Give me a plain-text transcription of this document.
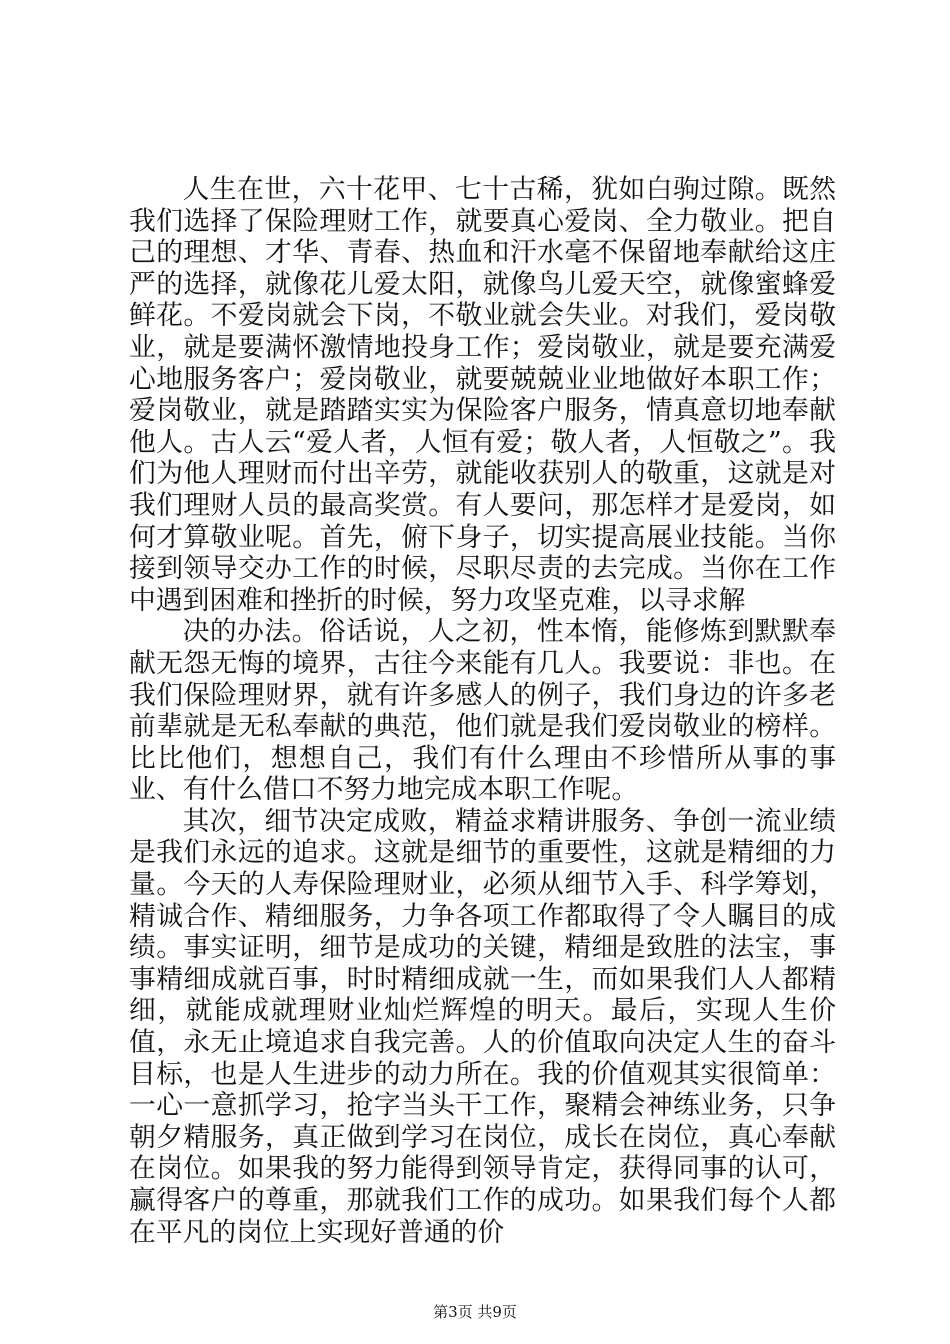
人生在世，六十花甲、七十古稀，犹如白驹过隙。既然我们选择了保险理财工作，就要真心爱岗、全力敬业。把自己的理想、才华、青春、热血和汗水毫不保留地奉献给这庄严的选择，就像花儿爱太阳，就像鸟儿爱天空，就像蜜蜂爱鲜花。不爱岗就会下岗，不敬业就会失业。对我们，爱岗敬业，就是要满怀激情地投身工作；爱岗敬业，就是要充满爱心地服务客户；爱岗敬业，就要兢兢业业地做好本职工作；爱岗敬业，就是踏踏实实为保险客户服务，情真意切地奉献他人。古人云“爱人者，人恒有爱；敬人者，人恒敬之”。我们为他人理财而付出辛劳，就能收获别人的敬重，这就是对我们理财人员的最高奖赏。有人要问，那怎样才是爱岗，如何才算敬业呢。首先，俯下身子，切实提高展业技能。当你接到领导交办工作的时候，尽职尽责的去完成。当你在工作中遇到困难和挫折的时候，努力攻坚克难，以寻求解

决的办法。俗话说，人之初，性本惰，能修炼到默默奉献无怨无悔的境界，古往今来能有几人。我要说：非也。在我们保险理财界，就有许多感人的例子，我们身边的许多老前辈就是无私奉献的典范，他们就是我们爱岗敬业的榜样。比比他们，想想自己，我们有什么理由不珍惜所从事的事业、有什么借口不努力地完成本职工作呢。

其次，细节决定成败，精益求精讲服务、争创一流业绩是我们永远的追求。这就是细节的重要性，这就是精细的力量。今天的人寿保险理财业，必须从细节入手、科学筹划，精诚合作、精细服务，力争各项工作都取得了令人瞩目的成绩。事实证明，细节是成功的关键，精细是致胜的法宝，事事精细成就百事，时时精细成就一生，而如果我们人人都精细，就能成就理财业灿烂辉煌的明天。最后，实现人生价值，永无止境追求自我完善。人的价值取向决定人生的奋斗目标，也是人生进步的动力所在。我的价值观其实很简单：一心一意抓学习，抢字当头干工作，聚精会神练业务，只争朝夕精服务，真正做到学习在岗位，成长在岗位，真心奉献在岗位。如果我的努力能得到领导肯定，获得同事的认可，赢得客户的尊重，那就我们工作的成功。如果我们每个人都在平凡的岗位上实现好普通的价

第3页 共9页
